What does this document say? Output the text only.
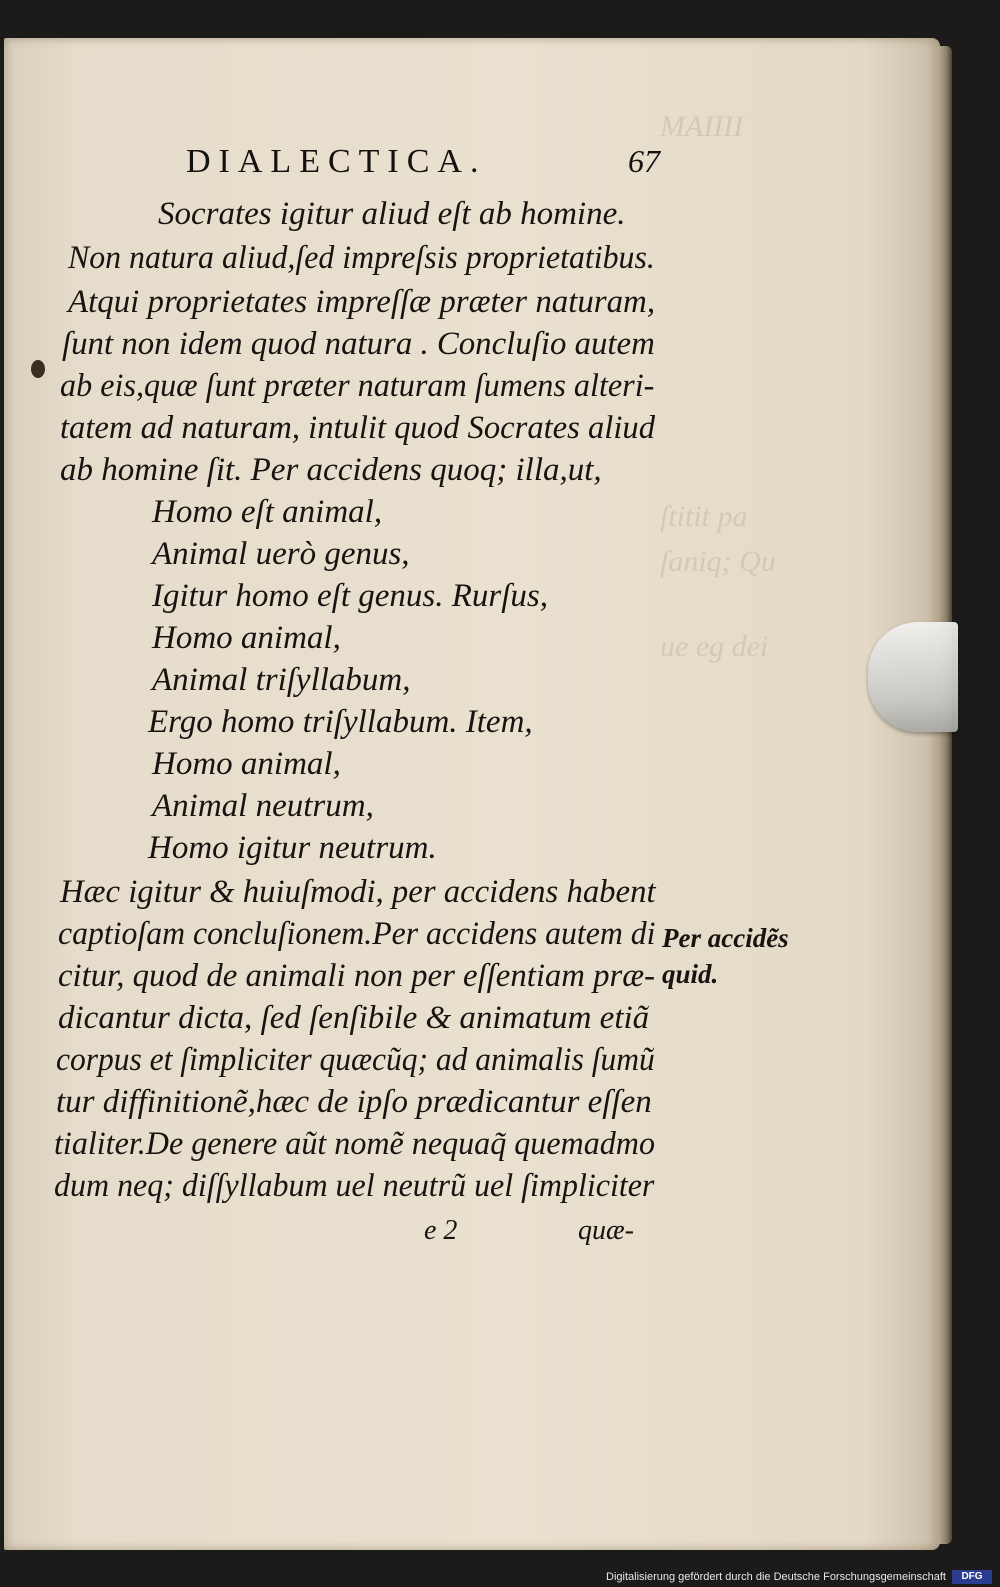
MAIIII
ſtitit pa
ſaniq; Qu
ue eg dei
DIALECTICA.	67
Socrates igitur aliud eſt ab homine.
Non natura aliud,ſed impreſsis proprietatibus.
Atqui proprietates impreſſæ præter naturam,
ſunt non idem quod natura . Concluſio autem
ab eis,quæ ſunt præter naturam ſumens alteri-
tatem ad naturam, intulit quod Socrates aliud
ab homine ſit. Per accidens quoq; illa,ut,
Homo eſt animal,
Animal uerò genus,
Igitur homo eſt genus. Rurſus,
Homo animal,
Animal triſyllabum,
Ergo homo triſyllabum. Item,
Homo animal,
Animal neutrum,
Homo igitur neutrum.
Hæc igitur & huiuſmodi, per accidens habent
captioſam concluſionem.Per accidens autem di
citur, quod de animali non per eſſentiam præ-
dicantur dicta, ſed ſenſibile & animatum etiã
corpus et ſimpliciter quæcũq; ad animalis ſumũ
tur diffinitionẽ,hæc de ipſo prædicantur eſſen
tialiter.De genere aũt nomẽ nequaq̃ quemadmo
dum neq; diſſyllabum uel neutrũ uel ſimpliciter
Per accidẽs
quid.
e 2	quæ-
Digitalisierung gefördert durch die Deutsche Forschungsgemeinschaft	DFG
